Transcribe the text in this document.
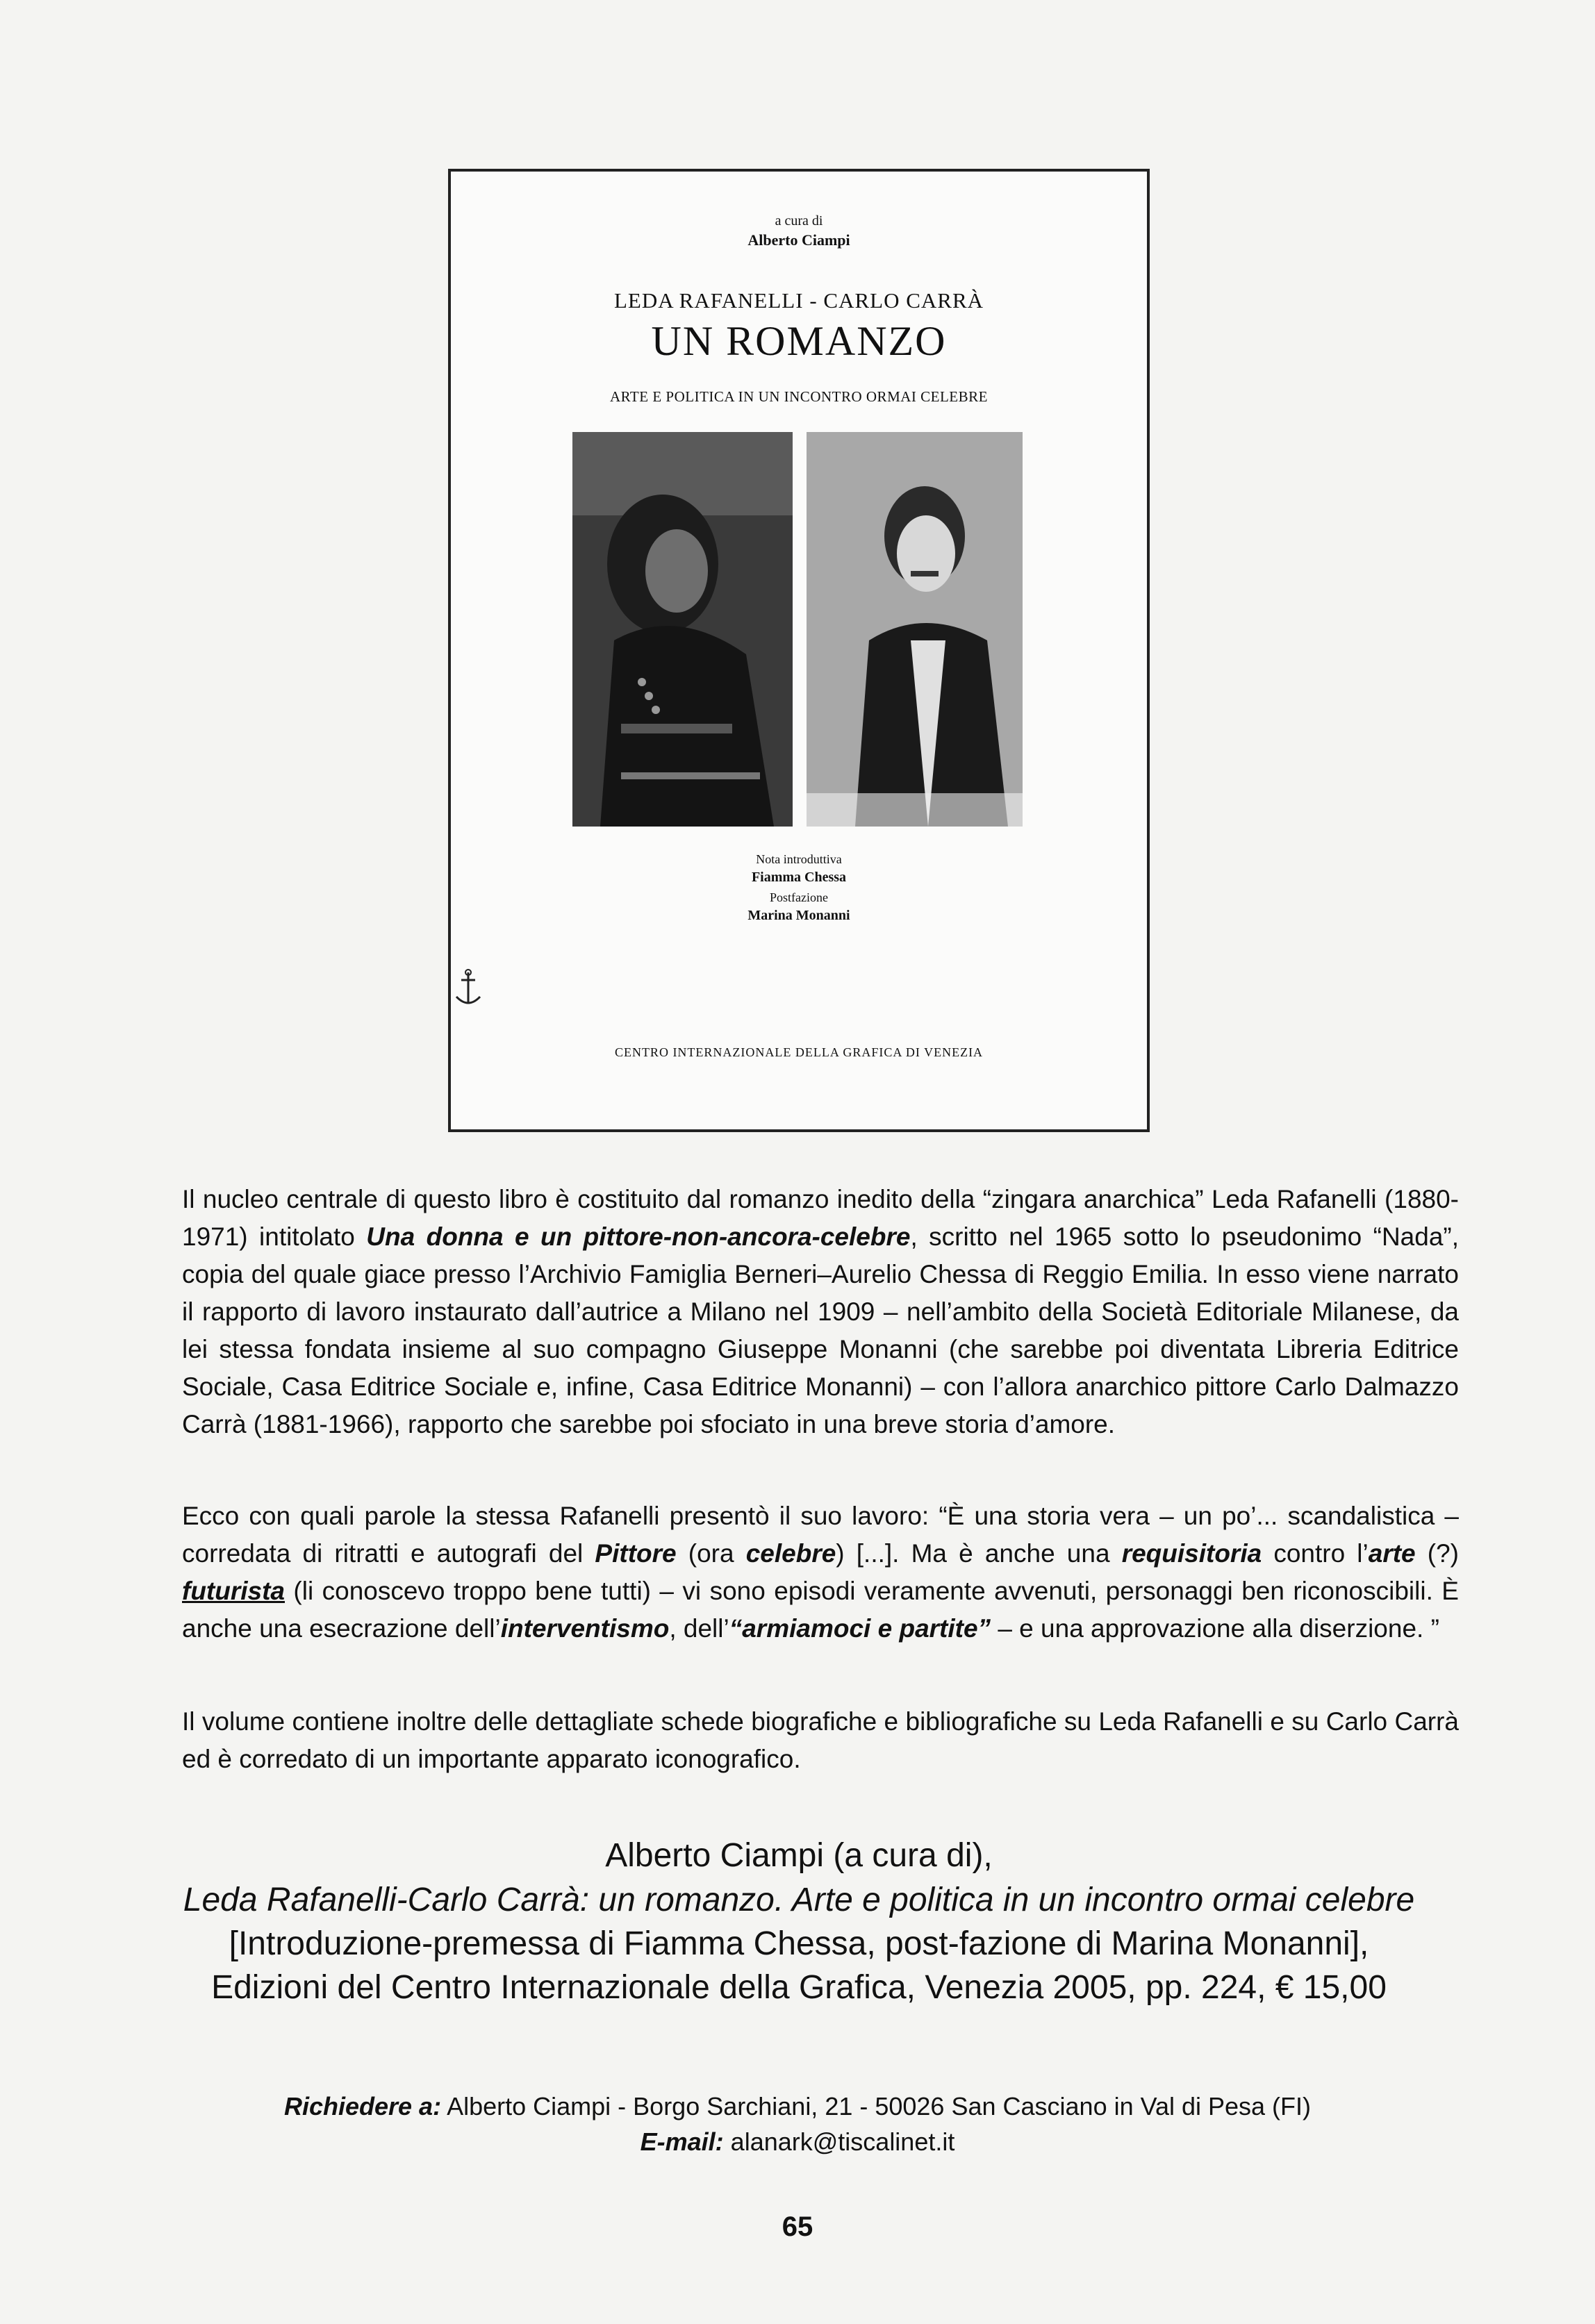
a cura di
Alberto Ciampi
LEDA RAFANELLI - CARLO CARRÀ
UN ROMANZO
ARTE E POLITICA IN UN INCONTRO ORMAI CELEBRE
Nota introduttiva
Fiamma Chessa
Postfazione
Marina Monanni
CENTRO INTERNAZIONALE DELLA GRAFICA DI VENEZIA
Il nucleo centrale di questo libro è costituito dal romanzo inedito della “zingara anarchica” Leda Rafanelli (1880-1971) intitolato Una donna e un pittore-non-ancora-celebre, scritto nel 1965 sotto lo pseudonimo “Nada”, copia del quale giace presso l’Archivio Famiglia Berneri–Aurelio Chessa di Reggio Emilia. In esso viene narrato il rapporto di lavoro instaurato dall’autrice a Milano nel 1909 – nell’ambito della Società Editoriale Milanese, da lei stessa fondata insieme al suo compagno Giuseppe Monanni (che sarebbe poi diventata Libreria Editrice Sociale, Casa Editrice Sociale e, infine, Casa Editrice Monanni) – con l’allora anarchico pittore Carlo Dalmazzo Carrà (1881-1966), rapporto che sarebbe poi sfociato in una breve storia d’amore.
Ecco con quali parole la stessa Rafanelli presentò il suo lavoro: “È una storia vera – un po’... scandalistica – corredata di ritratti e autografi del Pittore (ora celebre) [...]. Ma è anche una requisitoria contro l’arte (?) futurista (li conoscevo troppo bene tutti) – vi sono episodi veramente avvenuti, personaggi ben riconoscibili. È anche una esecrazione dell’interventismo, dell’“armiamoci e partite” – e una approvazione alla diserzione. ”
Il volume contiene inoltre delle dettagliate schede biografiche e bibliografiche su Leda Rafanelli e su Carlo Carrà ed è corredato di un importante apparato iconografico.
Alberto Ciampi (a cura di),
Leda Rafanelli-Carlo Carrà: un romanzo. Arte e politica in un incontro ormai celebre
[Introduzione-premessa di Fiamma Chessa, post-fazione di Marina Monanni],
Edizioni del Centro Internazionale della Grafica, Venezia 2005, pp. 224, € 15,00
Richiedere a: Alberto Ciampi - Borgo Sarchiani, 21 - 50026 San Casciano in Val di Pesa (FI)
E-mail: alanark@tiscalinet.it
65
